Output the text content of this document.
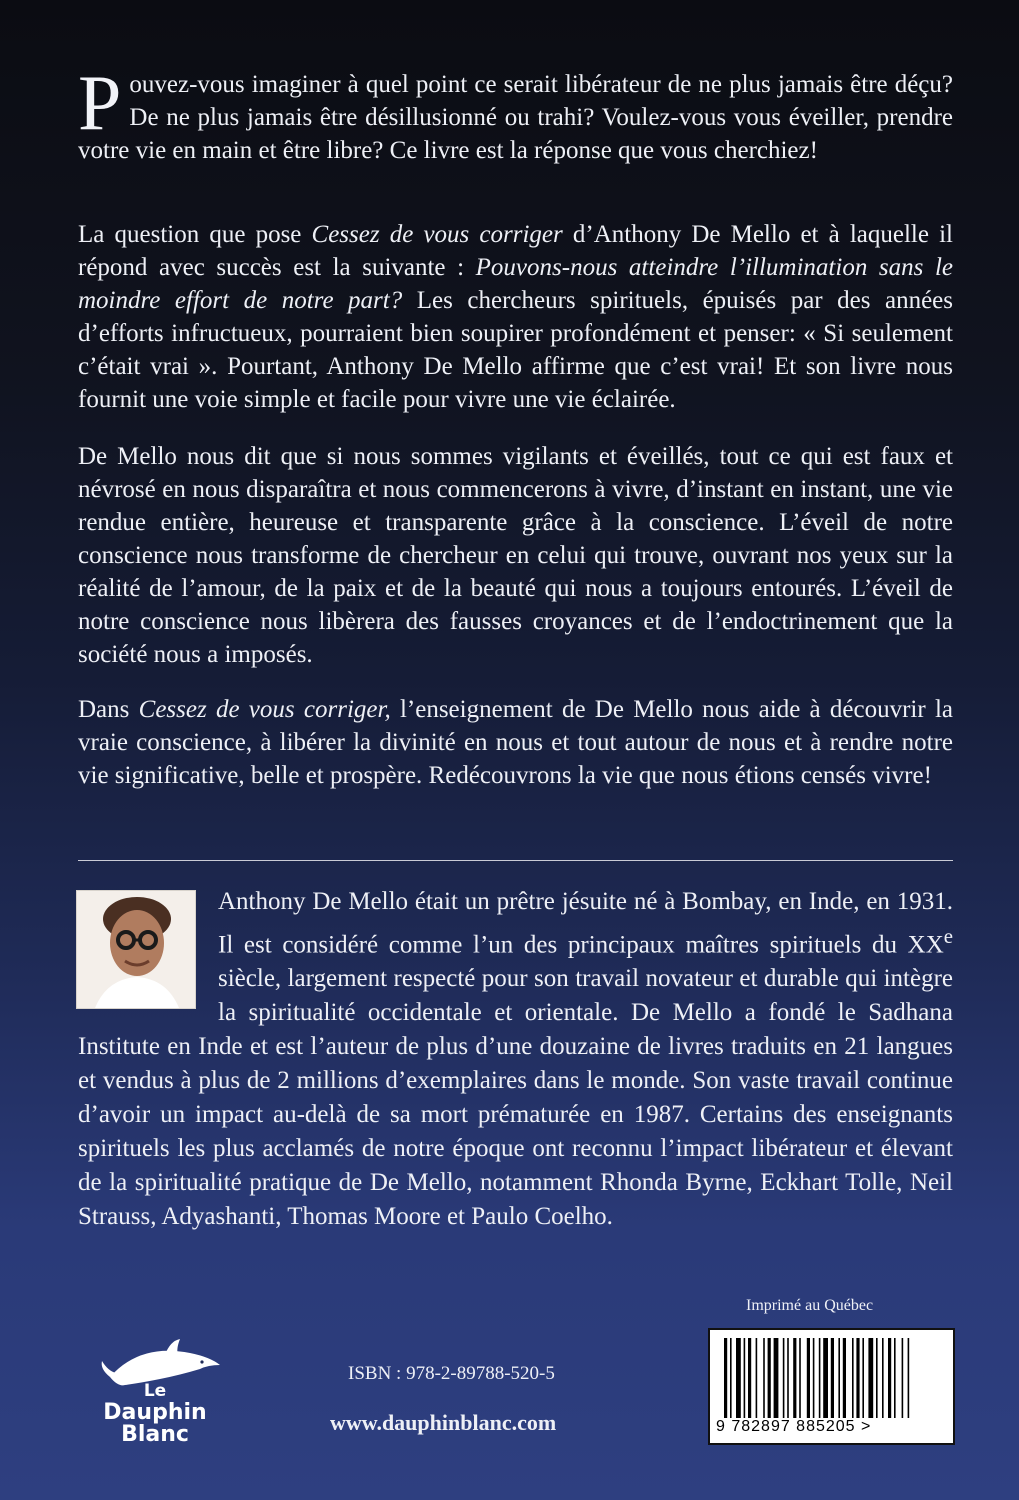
Pouvez-vous imaginer à quel point ce serait libérateur de ne plus jamais être déçu? De ne plus jamais être désillusionné ou trahi? Voulez-vous vous éveiller, prendre votre vie en main et être libre? Ce livre est la réponse que vous cherchiez!

La question que pose Cessez de vous corriger d’Anthony De Mello et à laquelle il répond avec succès est la suivante : Pouvons-nous atteindre l’illumination sans le moindre effort de notre part? Les chercheurs spirituels, épuisés par des années d’efforts infructueux, pourraient bien soupirer profondément et penser: « Si seulement c’était vrai ». Pourtant, Anthony De Mello affirme que c’est vrai! Et son livre nous fournit une voie simple et facile pour vivre une vie éclairée.

De Mello nous dit que si nous sommes vigilants et éveillés, tout ce qui est faux et névrosé en nous disparaîtra et nous commencerons à vivre, d’instant en instant, une vie rendue entière, heureuse et transparente grâce à la conscience. L’éveil de notre conscience nous transforme de chercheur en celui qui trouve, ouvrant nos yeux sur la réalité de l’amour, de la paix et de la beauté qui nous a toujours entourés. L’éveil de notre conscience nous libèrera des fausses croyances et de l’endoctrinement que la société nous a imposés.

Dans Cessez de vous corriger, l’enseignement de De Mello nous aide à découvrir la vraie conscience, à libérer la divinité en nous et tout autour de nous et à rendre notre vie significative, belle et prospère. Redécouvrons la vie que nous étions censés vivre!

Anthony De Mello était un prêtre jésuite né à Bombay, en Inde, en 1931. Il est considéré comme l’un des principaux maîtres spirituels du XXe siècle, largement respecté pour son travail novateur et durable qui intègre la spiritualité occidentale et orientale. De Mello a fondé le Sadhana Institute en Inde et est l’auteur de plus d’une douzaine de livres traduits en 21 langues et vendus à plus de 2 millions d’exemplaires dans le monde. Son vaste travail continue d’avoir un impact au-delà de sa mort prématurée en 1987. Certains des enseignants spirituels les plus acclamés de notre époque ont reconnu l’impact libérateur et élevant de la spiritualité pratique de De Mello, notamment Rhonda Byrne, Eckhart Tolle, Neil Strauss, Adyashanti, Thomas Moore et Paulo Coelho.
Le
Dauphin
Blanc
ISBN : 978-2-89788-520-5
www.dauphinblanc.com
Imprimé au Québec
9 782897 885205 >
